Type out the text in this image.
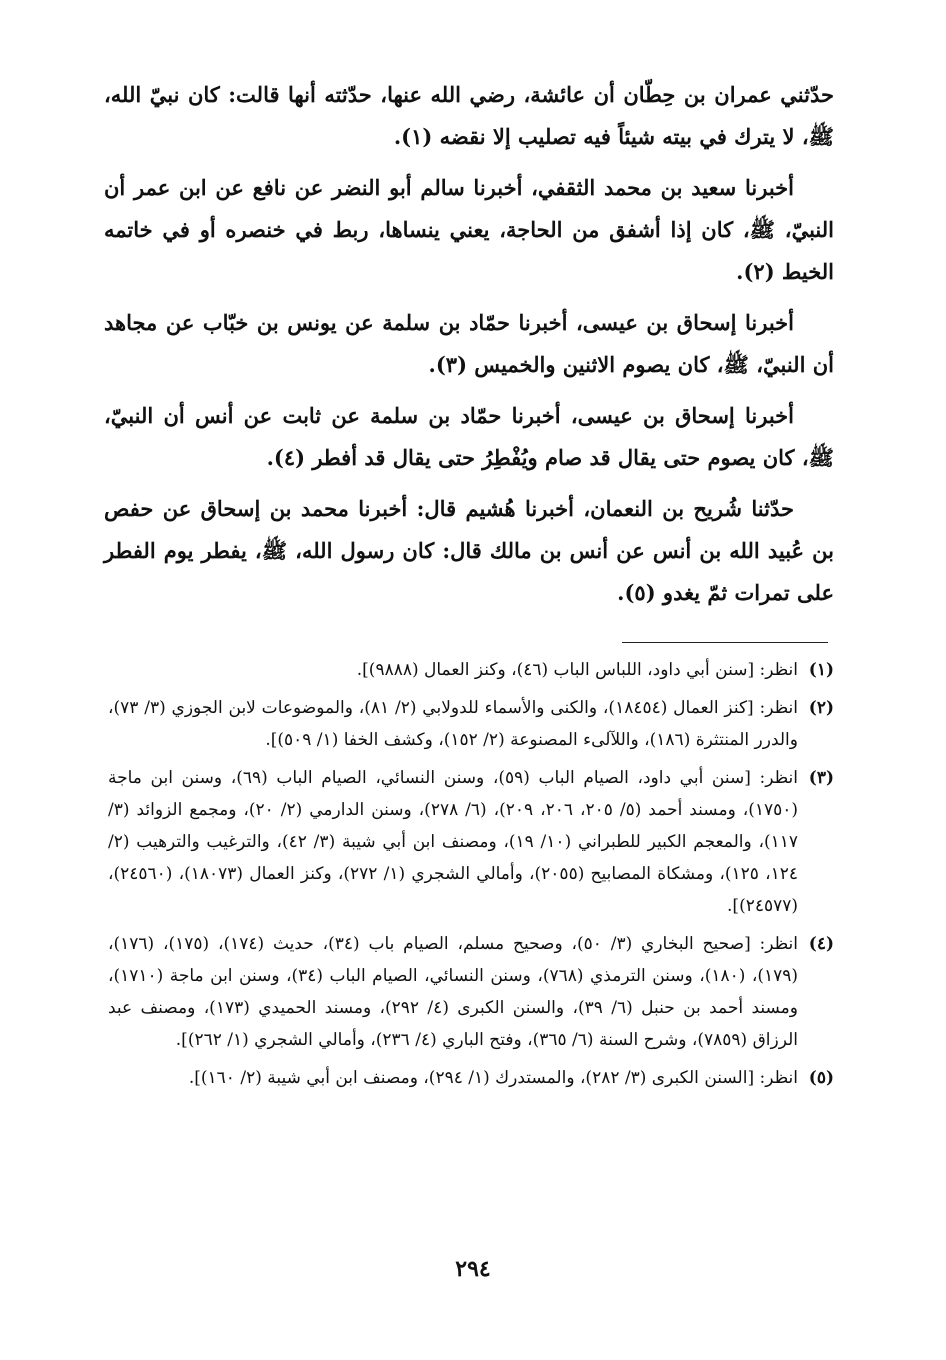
حدّثني عمران بن حِطّان أن عائشة، رضي الله عنها، حدّثته أنها قالت: كان نبيّ الله، ﷺ، لا يترك في بيته شيئاً فيه تصليب إلا نقضه (١).

أخبرنا سعيد بن محمد الثقفي، أخبرنا سالم أبو النضر عن نافع عن ابن عمر أن النبيّ، ﷺ، كان إذا أشفق من الحاجة، يعني ينساها، ربط في خنصره أو في خاتمه الخيط (٢).

أخبرنا إسحاق بن عيسى، أخبرنا حمّاد بن سلمة عن يونس بن خبّاب عن مجاهد أن النبيّ، ﷺ، كان يصوم الاثنين والخميس (٣).

أخبرنا إسحاق بن عيسى، أخبرنا حمّاد بن سلمة عن ثابت عن أنس أن النبيّ، ﷺ، كان يصوم حتى يقال قد صام ويُفْطِرُ حتى يقال قد أفطر (٤).

حدّثنا شُريح بن النعمان، أخبرنا هُشيم قال: أخبرنا محمد بن إسحاق عن حفص بن عُبيد الله بن أنس عن أنس بن مالك قال: كان رسول الله، ﷺ، يفطر يوم الفطر على تمرات ثمّ يغدو (٥).

(١)
انظر: [سنن أبي داود، اللباس الباب (٤٦)، وكنز العمال (٩٨٨٨)].
(٢)
انظر: [كنز العمال (١٨٤٥٤)، والكنى والأسماء للدولابي (٢/ ٨١)، والموضوعات لابن الجوزي (٣/ ٧٣)، والدرر المنتثرة (١٨٦)، واللآلىء المصنوعة (٢/ ١٥٢)، وكشف الخفا (١/ ٥٠٩)].
(٣)
انظر: [سنن أبي داود، الصيام الباب (٥٩)، وسنن النسائي، الصيام الباب (٦٩)، وسنن ابن ماجة (١٧٥٠)، ومسند أحمد (٥/ ٢٠٥، ٢٠٦، ٢٠٩)، (٦/ ٢٧٨)، وسنن الدارمي (٢/ ٢٠)، ومجمع الزوائد (٣/ ١١٧)، والمعجم الكبير للطبراني (١٠/ ١٩)، ومصنف ابن أبي شيبة (٣/ ٤٢)، والترغيب والترهيب (٢/ ١٢٤، ١٢٥)، ومشكاة المصابيح (٢٠٥٥)، وأمالي الشجري (١/ ٢٧٢)، وكنز العمال (١٨٠٧٣)، (٢٤٥٦٠)، (٢٤٥٧٧)].
(٤)
انظر: [صحيح البخاري (٣/ ٥٠)، وصحيح مسلم، الصيام باب (٣٤)، حديث (١٧٤)، (١٧٥)، (١٧٦)، (١٧٩)، (١٨٠)، وسنن الترمذي (٧٦٨)، وسنن النسائي، الصيام الباب (٣٤)، وسنن ابن ماجة (١٧١٠)، ومسند أحمد بن حنبل (٦/ ٣٩)، والسنن الكبرى (٤/ ٢٩٢)، ومسند الحميدي (١٧٣)، ومصنف عبد الرزاق (٧٨٥٩)، وشرح السنة (٦/ ٣٦٥)، وفتح الباري (٤/ ٢٣٦)، وأمالي الشجري (١/ ٢٦٢)].
(٥)
انظر: [السنن الكبرى (٣/ ٢٨٢)، والمستدرك (١/ ٢٩٤)، ومصنف ابن أبي شيبة (٢/ ١٦٠)].
٢٩٤
